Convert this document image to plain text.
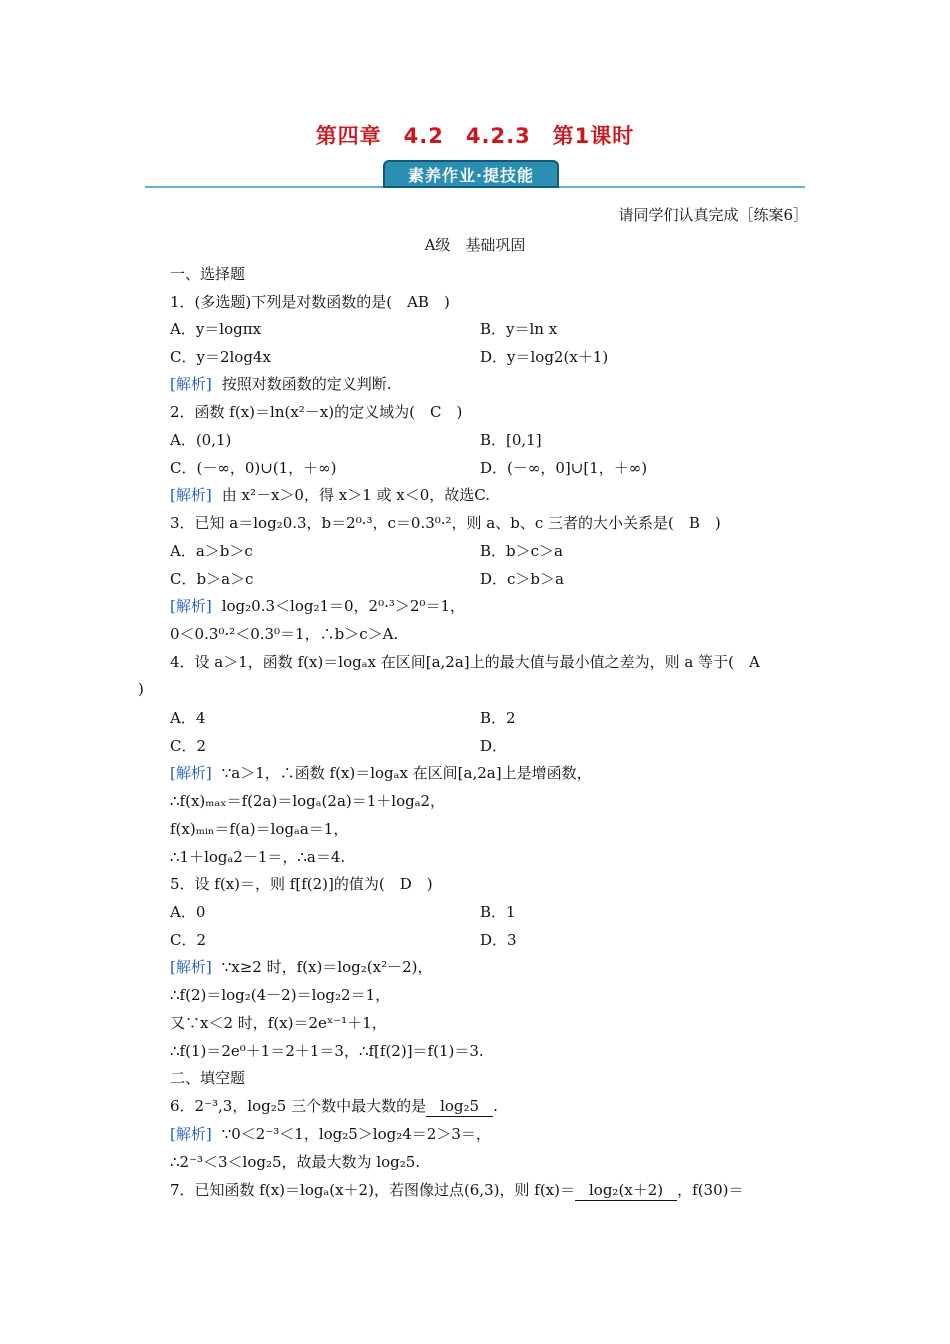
第四章　4.2　4.2.3　第1课时
素养作业·提技能
请同学们认真完成［练案6］
A级　基础巩固
一、选择题
1．(多选题)下列是对数函数的是(　AB　)
A．y＝logπx	B．y＝ln x
C．y＝2log4x	D．y＝log2(x＋1)
[解析] 按照对数函数的定义判断.
2．函数 f(x)＝ln(x²－x)的定义域为(　C　)
A．(0,1)	B．[0,1]
C．(－∞，0)∪(1，＋∞)	D．(－∞，0]∪[1，＋∞)
[解析] 由 x²－x＞0，得 x＞1 或 x＜0，故选C.
3．已知 a＝log₂0.3，b＝2⁰·³，c＝0.3⁰·²，则 a、b、c 三者的大小关系是(　B　)
A．a＞b＞c	B．b＞c＞a
C．b＞a＞c	D．c＞b＞a
[解析] log₂0.3＜log₂1＝0，2⁰·³＞2⁰＝1，
0＜0.3⁰·²＜0.3⁰＝1，∴b＞c＞A.
4．设 a＞1，函数 f(x)＝logₐx 在区间[a,2a]上的最大值与最小值之差为，则 a 等于(　A
)
A．4	B．2
C．2	D．
[解析] ∵a＞1，∴函数 f(x)＝logₐx 在区间[a,2a]上是增函数，
∴f(x)ₘₐₓ＝f(2a)＝logₐ(2a)＝1＋logₐ2，
f(x)ₘᵢₙ＝f(a)＝logₐa＝1，
∴1＋logₐ2－1＝，∴a＝4.
5．设 f(x)＝，则 f[f(2)]的值为(　D　)
A．0	B．1
C．2	D．3
[解析] ∵x≥2 时，f(x)＝log₂(x²－2)，
∴f(2)＝log₂(4－2)＝log₂2＝1，
又∵x＜2 时，f(x)＝2eˣ⁻¹＋1，
∴f(1)＝2e⁰＋1＝2＋1＝3，∴f[f(2)]＝f(1)＝3.
二、填空题
6．2⁻³,3，log₂5 三个数中最大数的是 log₂5 .
[解析] ∵0＜2⁻³＜1，log₂5＞log₂4＝2＞3＝，
∴2⁻³＜3＜log₂5，故最大数为 log₂5.
7．已知函数 f(x)＝logₐ(x＋2)，若图像过点(6,3)，则 f(x)＝ log₂(x＋2) ，f(30)＝
